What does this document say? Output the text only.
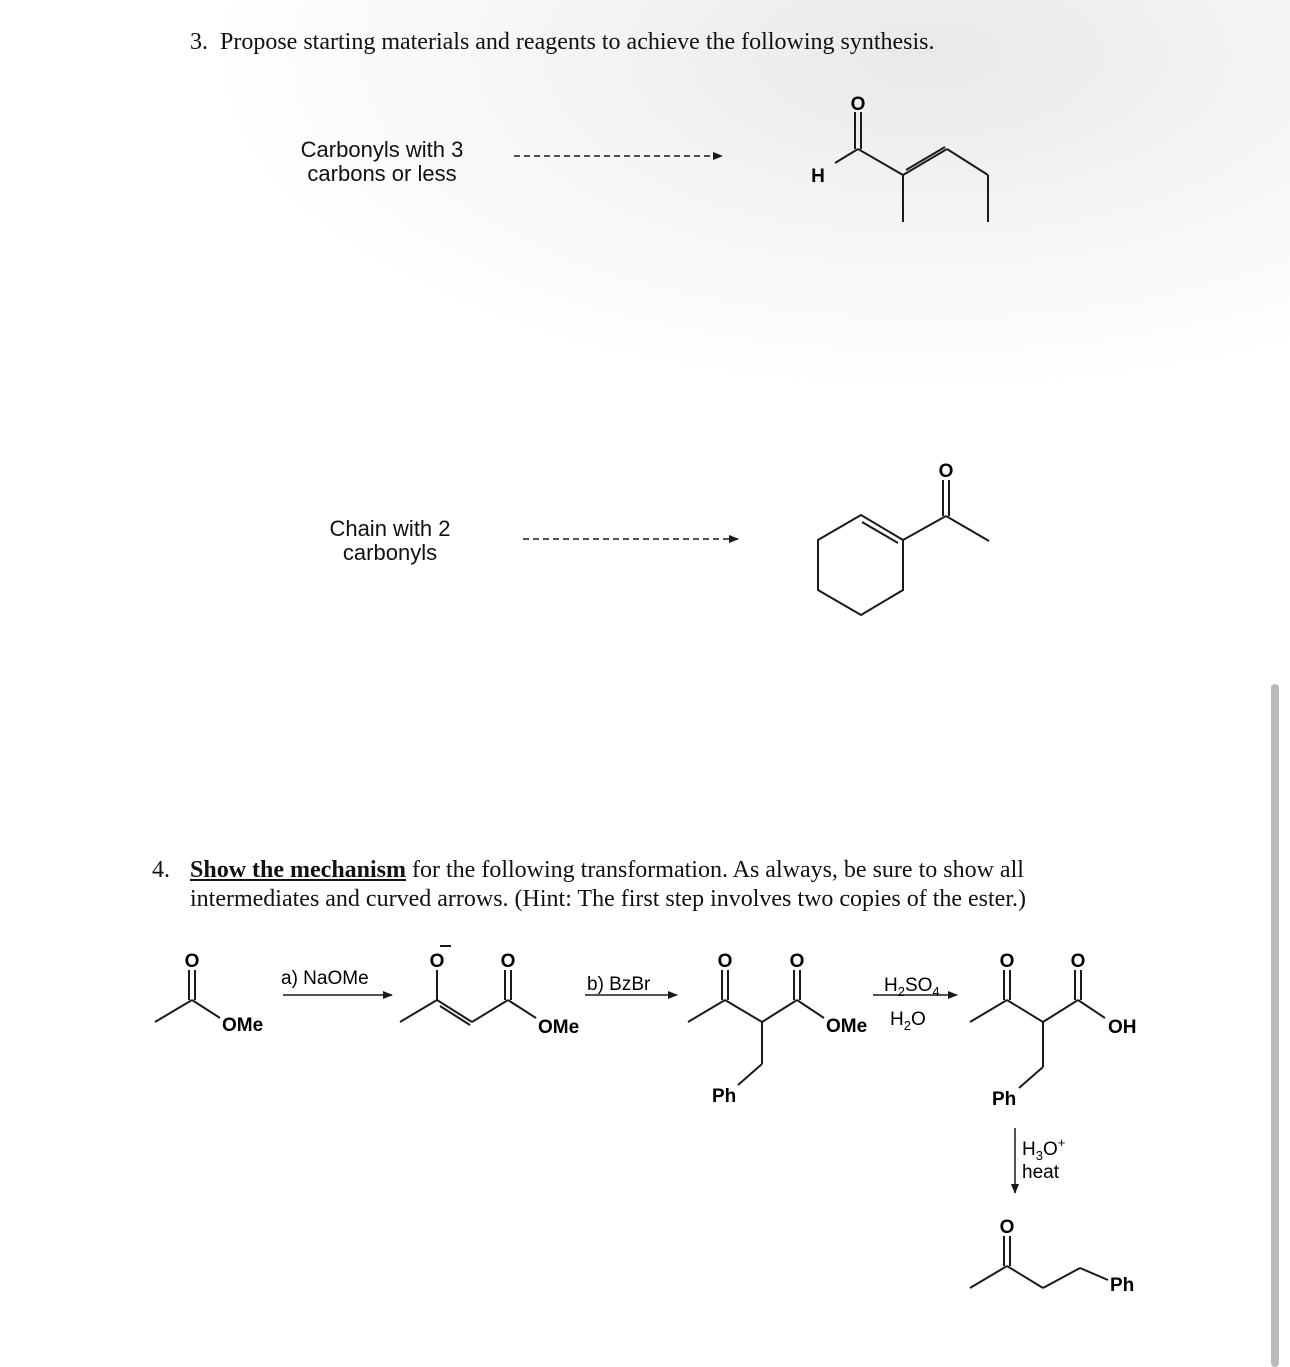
3. Propose starting materials and reagents to achieve the following synthesis.
Carbonyls with 3
carbons or less
Chain with 2
carbonyls
4. Show the mechanism for the following transformation. As always, be sure to show all
intermediates and curved arrows. (Hint: The first step involves two copies of the ester.)
O
H
O
O
OMe
a) NaOMe
O	O
OMe
b) BzBr
O	O
OMe
Ph
$H_2SO_4$
$H_2O$
O	O
OH
Ph
$H_3O^+$
heat
O
Ph
